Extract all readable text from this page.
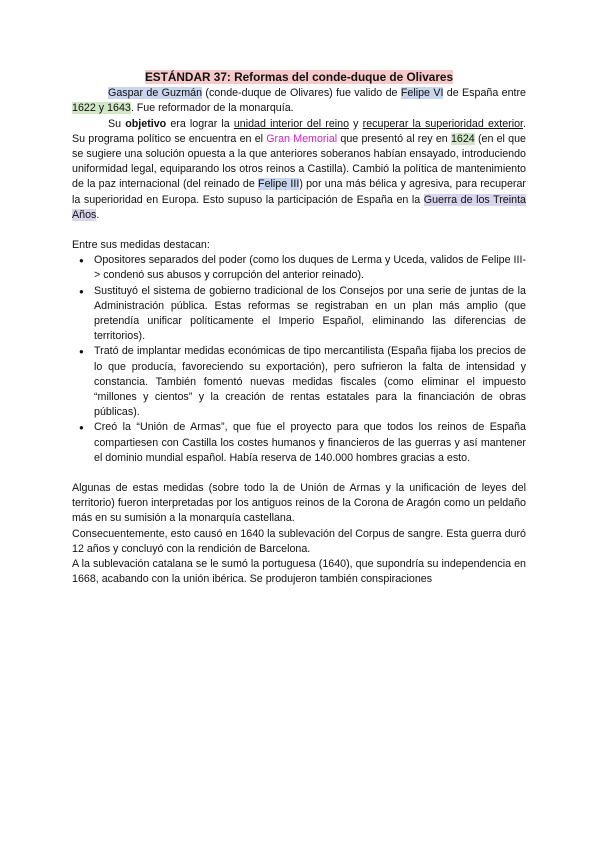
ESTÁNDAR 37: Reformas del conde-duque de Olivares

Gaspar de Guzmán (conde-duque de Olivares) fue valido de Felipe VI de España entre 1622 y 1643. Fue reformador de la monarquía.

Su objetivo era lograr la unidad interior del reino y recuperar la superioridad exterior. Su programa político se encuentra en el Gran Memorial que presentó al rey en 1624 (en el que se sugiere una solución opuesta a la que anteriores soberanos habían ensayado, introduciendo uniformidad legal, equiparando los otros reinos a Castilla). Cambió la política de mantenimiento de la paz internacional (del reinado de Felipe III) por una más bélica y agresiva, para recuperar la superioridad en Europa. Esto supuso la participación de España en la Guerra de los Treinta Años.

Entre sus medidas destacan:

● Opositores separados del poder (como los duques de Lerma y Uceda, validos de Felipe III-> condenó sus abusos y corrupción del anterior reinado).
● Sustituyó el sistema de gobierno tradicional de los Consejos por una serie de juntas de la Administración pública. Estas reformas se registraban en un plan más amplio (que pretendía unificar políticamente el Imperio Español, eliminando las diferencias de territorios).
● Trató de implantar medidas económicas de tipo mercantilista (España fijaba los precios de lo que producía, favoreciendo su exportación), pero sufrieron la falta de intensidad y constancia. También fomentó nuevas medidas fiscales (como eliminar el impuesto “millones y cientos” y la creación de rentas estatales para la financiación de obras públicas).
● Creó la “Unión de Armas”, que fue el proyecto para que todos los reinos de España compartiesen con Castilla los costes humanos y financieros de las guerras y así mantener el dominio mundial español. Había reserva de 140.000 hombres gracias a esto.

Algunas de estas medidas (sobre todo la de Unión de Armas y la unificación de leyes del territorio) fueron interpretadas por los antiguos reinos de la Corona de Aragón como un peldaño más en su sumisión a la monarquía castellana.

Consecuentemente, esto causó en 1640 la sublevación del Corpus de sangre. Esta guerra duró 12 años y concluyó con la rendición de Barcelona.

A la sublevación catalana se le sumó la portuguesa (1640), que supondría su independencia en 1668, acabando con la unión ibérica. Se produjeron también conspiraciones
